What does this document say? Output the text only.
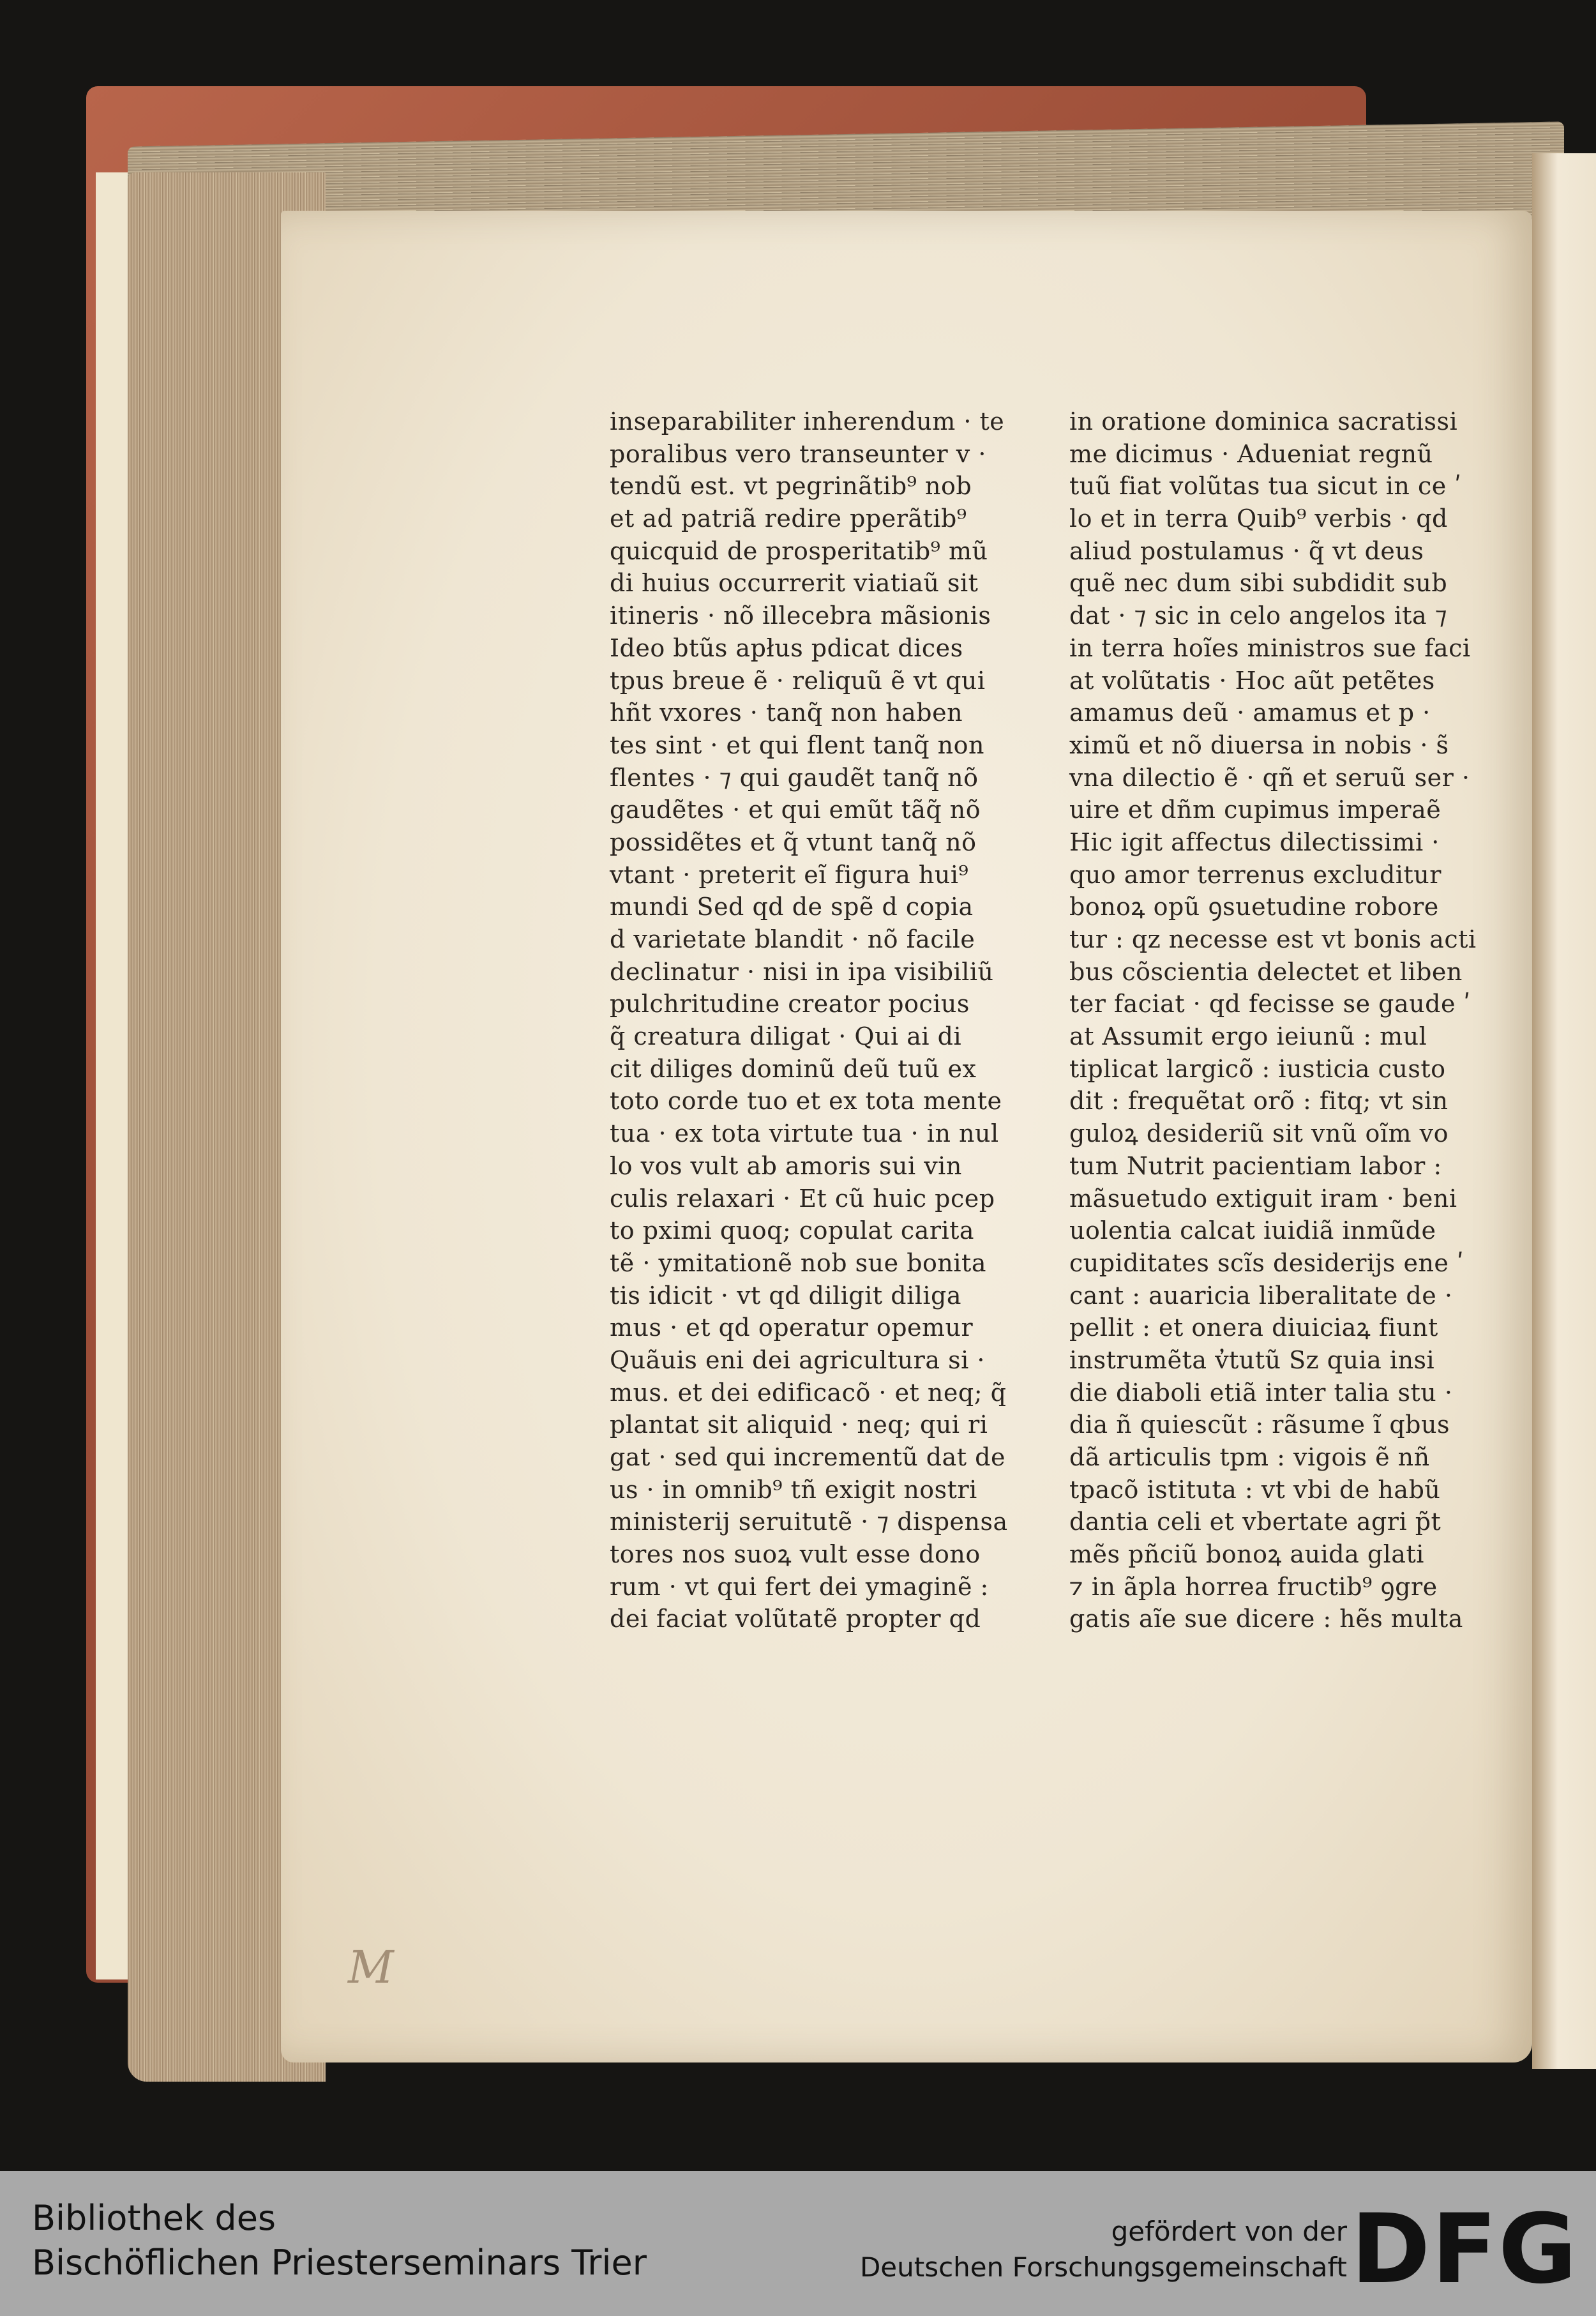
inseparabiliter inherendum · te
poralibus vero transeunter v ·
tendũ est. vt pegrinãtib⁹ nob
et ad patriã redire pperãtib⁹
quicquid de prosperitatib⁹ mũ
di huius occurrerit viatiaũ sit
itineris · nõ illecebra mãsionis
Ideo btũs apłus pdicat dices
tpus breue ẽ · reliquũ ẽ vt qui
hñt vxores · tanq̃ non haben
tes sint · et qui flent tanq̃ non
flentes · ⁊ qui gaudẽt tanq̃ nõ
gaudẽtes · et qui emũt tãq̃ nõ
possidẽtes et q̃ vtunt tanq̃ nõ
vtant · preterit eĩ figura hui⁹
mundi Sed qd de spẽ d copia
d varietate blandit · nõ facile
declinatur · nisi in ipa visibiliũ
pulchritudine creator pocius
q̃ creatura diligat · Qui ai di
cit diliges dominũ deũ tuũ ex
toto corde tuo et ex tota mente
tua · ex tota virtute tua · in nul
lo vos vult ab amoris sui vin
culis relaxari · Et cũ huic pcep
to pximi quoq; copulat carita
tẽ · ymitationẽ nob sue bonita
tis idicit · vt qd diligit diliga
mus · et qd operatur opemur
Quãuis eni dei agricultura si ·
mus. et dei edificacõ · et neq; q̃
plantat sit aliquid · neq; qui ri
gat · sed qui incrementũ dat de
us · in omnib⁹ tñ exigit nostri
ministerij seruitutẽ · ⁊ dispensa
tores nos suoꝝ vult esse dono
rum · vt qui fert dei ymaginẽ :
dei faciat volũtatẽ propter qd
in oratione dominica sacratissi
me dicimus · Adueniat regnũ
tuũ fiat volũtas tua sicut in ce ʹ
lo et in terra Quib⁹ verbis · qd
aliud postulamus · q̃ vt deus
quẽ nec dum sibi subdidit sub
dat · ⁊ sic in celo angelos ita ⁊
in terra hoĩes ministros sue faci
at volũtatis · Hoc aũt petẽtes
amamus deũ · amamus et p ·
ximũ et nõ diuersa in nobis · s̃
vna dilectio ẽ · qñ et seruũ ser ·
uire et dñm cupimus imperaẽ
Hic igit affectus dilectissimi ·
quo amor terrenus excluditur
bonoꝝ opũ ꝯsuetudine robore
tur : qz necesse est vt bonis acti
bus cõscientia delectet et liben
ter faciat · qd fecisse se gaude ʹ
at Assumit ergo ieiunũ : mul
tiplicat largicõ : iusticia custo
dit : frequẽtat orõ : fitq; vt sin
guloꝝ desideriũ sit vnũ oĩm vo
tum Nutrit pacientiam labor :
mãsuetudo extiguit iram · beni
uolentia calcat iuidiã inmũde
cupiditates scĩs desiderijs ene ʹ
cant : auaricia liberalitate de ·
pellit : et onera diuiciaꝝ fiunt
instrumẽta v̓tutũ Sz quia insi
die diaboli etiã inter talia stu ·
dia ñ quiescũt : rãsume ĩ qbus
dã articulis tpm : vigois ẽ nñ
tpacõ istituta : vt vbi de habũ
dantia celi et vbertate agri p̃t
mẽs pñciũ bonoꝝ auida glati
⁊ in ãpla horrea fructib⁹ ꝯgre
gatis aĩe sue dicere : hẽs multa
M
Bibliothek des
Bischöflichen Priesterseminars Trier
gefördert von der
Deutschen Forschungsgemeinschaft DFG
